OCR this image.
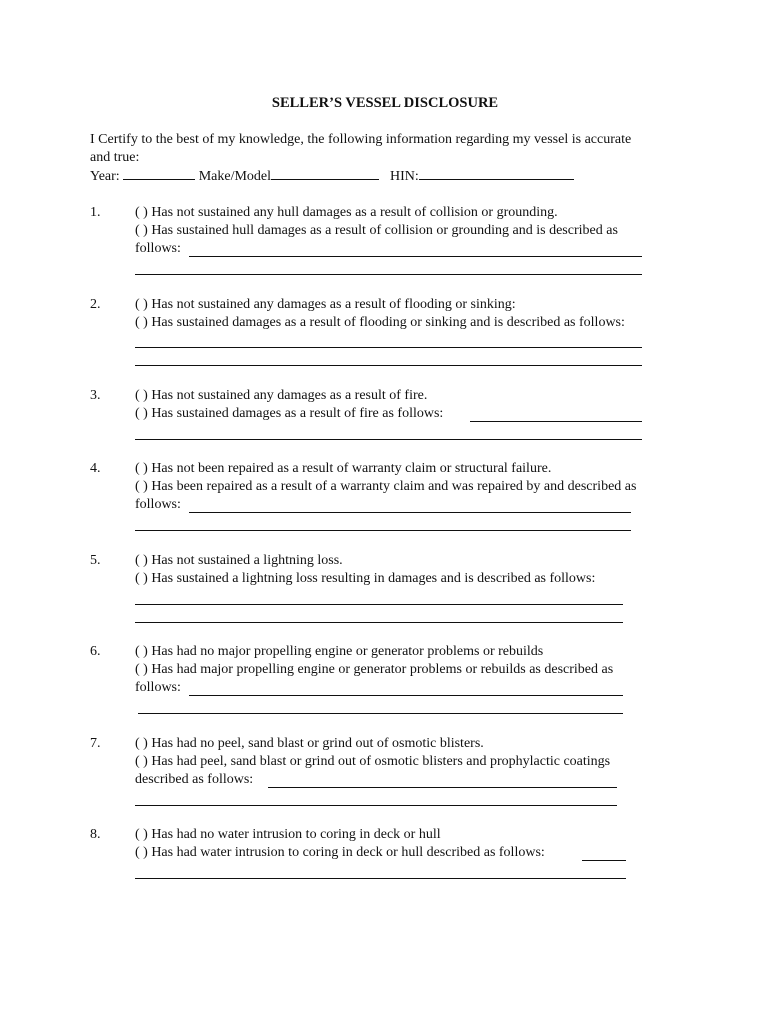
SELLER’S VESSEL DISCLOSURE
I Certify to the best of my knowledge, the following information regarding my vessel is accurate
and true:
Year:	Make/Model	HIN:
1. ( ) Has not sustained any hull damages as a result of collision or grounding.
( ) Has sustained hull damages as a result of collision or grounding and is described as
follows:
2. ( ) Has not sustained any damages as a result of flooding or sinking:
( ) Has sustained damages as a result of flooding or sinking and is described as follows:
3. ( ) Has not sustained any damages as a result of fire.
( ) Has sustained damages as a result of fire as follows:
4. ( ) Has not been repaired as a result of warranty claim or structural failure.
( ) Has been repaired as a result of a warranty claim and was repaired by and described as
follows:
5. ( ) Has not sustained a lightning loss.
( ) Has sustained a lightning loss resulting in damages and is described as follows:
6. ( ) Has had no major propelling engine or generator problems or rebuilds
( ) Has had major propelling engine or generator problems or rebuilds as described as
follows:
7. ( ) Has had no peel, sand blast or grind out of osmotic blisters.
( ) Has had peel, sand blast or grind out of osmotic blisters and prophylactic coatings
described as follows:
8. ( ) Has had no water intrusion to coring in deck or hull
( ) Has had water intrusion to coring in deck or hull described as follows:
